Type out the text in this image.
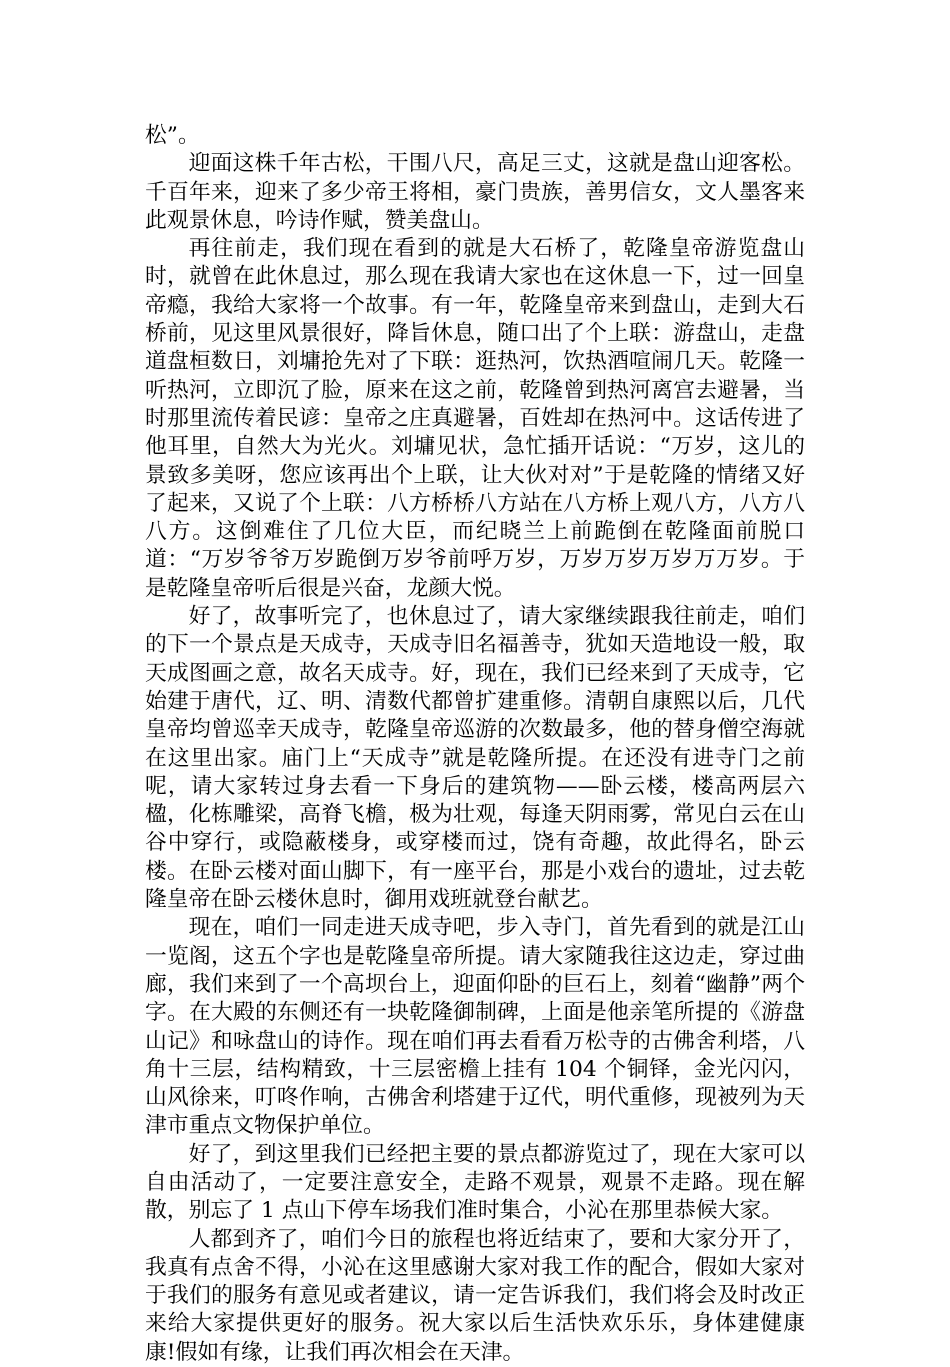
松”。

迎面这株千年古松，干围八尺，高足三丈，这就是盘山迎客松。千百年来，迎来了多少帝王将相，豪门贵族，善男信女，文人墨客来此观景休息，吟诗作赋，赞美盘山。

再往前走，我们现在看到的就是大石桥了，乾隆皇帝游览盘山时，就曾在此休息过，那么现在我请大家也在这休息一下，过一回皇帝瘾，我给大家将一个故事。有一年，乾隆皇帝来到盘山，走到大石桥前，见这里风景很好，降旨休息，随口出了个上联：游盘山，走盘道盘桓数日，刘墉抢先对了下联：逛热河，饮热酒喧闹几天。乾隆一听热河，立即沉了脸，原来在这之前，乾隆曾到热河离宫去避暑，当时那里流传着民谚：皇帝之庄真避暑，百姓却在热河中。这话传进了他耳里，自然大为光火。刘墉见状，急忙插开话说：“万岁，这儿的景致多美呀，您应该再出个上联，让大伙对对”于是乾隆的情绪又好了起来，又说了个上联：八方桥桥八方站在八方桥上观八方，八方八八方。这倒难住了几位大臣，而纪晓兰上前跪倒在乾隆面前脱口道：“万岁爷爷万岁跪倒万岁爷前呼万岁，万岁万岁万岁万万岁。于是乾隆皇帝听后很是兴奋，龙颜大悦。

好了，故事听完了，也休息过了，请大家继续跟我往前走，咱们的下一个景点是天成寺，天成寺旧名福善寺，犹如天造地设一般，取天成图画之意，故名天成寺。好，现在，我们已经来到了天成寺，它始建于唐代，辽、明、清数代都曾扩建重修。清朝自康熙以后，几代皇帝均曾巡幸天成寺，乾隆皇帝巡游的次数最多，他的替身僧空海就在这里出家。庙门上“天成寺”就是乾隆所提。在还没有进寺门之前呢，请大家转过身去看一下身后的建筑物——卧云楼，楼高两层六楹，化栋雕梁，高脊飞檐，极为壮观，每逢天阴雨雾，常见白云在山谷中穿行，或隐蔽楼身，或穿楼而过，饶有奇趣，故此得名，卧云楼。在卧云楼对面山脚下，有一座平台，那是小戏台的遗址，过去乾隆皇帝在卧云楼休息时，御用戏班就登台献艺。

现在，咱们一同走进天成寺吧，步入寺门，首先看到的就是江山一览阁，这五个字也是乾隆皇帝所提。请大家随我往这边走，穿过曲廊，我们来到了一个高坝台上，迎面仰卧的巨石上，刻着“幽静”两个字。在大殿的东侧还有一块乾隆御制碑，上面是他亲笔所提的《游盘山记》和咏盘山的诗作。现在咱们再去看看万松寺的古佛舍利塔，八角十三层，结构精致，十三层密檐上挂有 104 个铜铎，金光闪闪，山风徐来，叮咚作响，古佛舍利塔建于辽代，明代重修，现被列为天津市重点文物保护单位。

好了，到这里我们已经把主要的景点都游览过了，现在大家可以自由活动了，一定要注意安全，走路不观景，观景不走路。现在解散，别忘了 1 点山下停车场我们准时集合，小沁在那里恭候大家。

人都到齐了，咱们今日的旅程也将近结束了，要和大家分开了，我真有点舍不得，小沁在这里感谢大家对我工作的配合，假如大家对于我们的服务有意见或者建议，请一定告诉我们，我们将会及时改正来给大家提供更好的服务。祝大家以后生活快欢乐乐，身体建健康康!假如有缘，让我们再次相会在天津。
